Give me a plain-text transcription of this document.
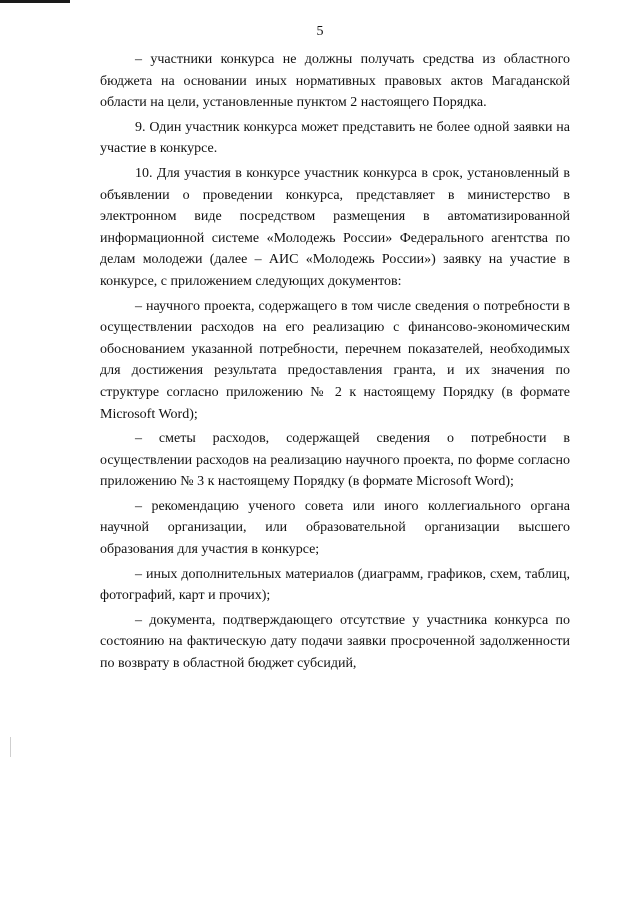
5

– участники конкурса не должны получать средства из областного бюджета на основании иных нормативных правовых актов Магаданской области на цели, установленные пунктом 2 настоящего Порядка.

9. Один участник конкурса может представить не более одной заявки на участие в конкурсе.

10. Для участия в конкурсе участник конкурса в срок, установленный в объявлении о проведении конкурса, представляет в министерство в электронном виде посредством размещения в автоматизированной информационной системе «Молодежь России» Федерального агентства по делам молодежи (далее – АИС «Молодежь России») заявку на участие в конкурсе, с приложением следующих документов:

– научного проекта, содержащего в том числе сведения о потребности в осуществлении расходов на его реализацию с финансово-экономическим обоснованием указанной потребности, перечнем показателей, необходимых для достижения результата предоставления гранта, и их значения по структуре согласно приложению № 2 к настоящему Порядку (в формате Microsoft Word);

– сметы расходов, содержащей сведения о потребности в осуществлении расходов на реализацию научного проекта, по форме согласно приложению № 3 к настоящему Порядку (в формате Microsoft Word);

– рекомендацию ученого совета или иного коллегиального органа научной организации, или образовательной организации высшего образования для участия в конкурсе;

– иных дополнительных материалов (диаграмм, графиков, схем, таблиц, фотографий, карт и прочих);

– документа, подтверждающего отсутствие у участника конкурса по состоянию на фактическую дату подачи заявки просроченной задолженности по возврату в областной бюджет субсидий,
